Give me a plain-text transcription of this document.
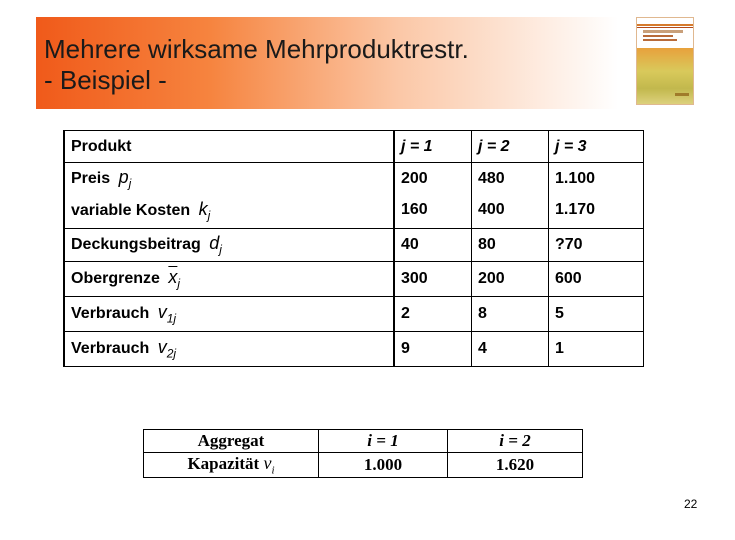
Mehrere wirksame Mehrproduktrestr.
- Beispiel -
Produkt	j = 1	j = 2	j = 3
Preis $p_j$	200	480	1.100
variable Kosten $k_j$	160	400	1.170
Deckungsbeitrag $d_j$	40	80	?70
Obergrenze $\overline{x}_j$	300	200	600
Verbrauch $v_{1j}$	2	8	5
Verbrauch $v_{2j}$	9	4	1
Aggregat	i = 1	i = 2
Kapazität $\overline{v}_i$	1.000	1.620
22
